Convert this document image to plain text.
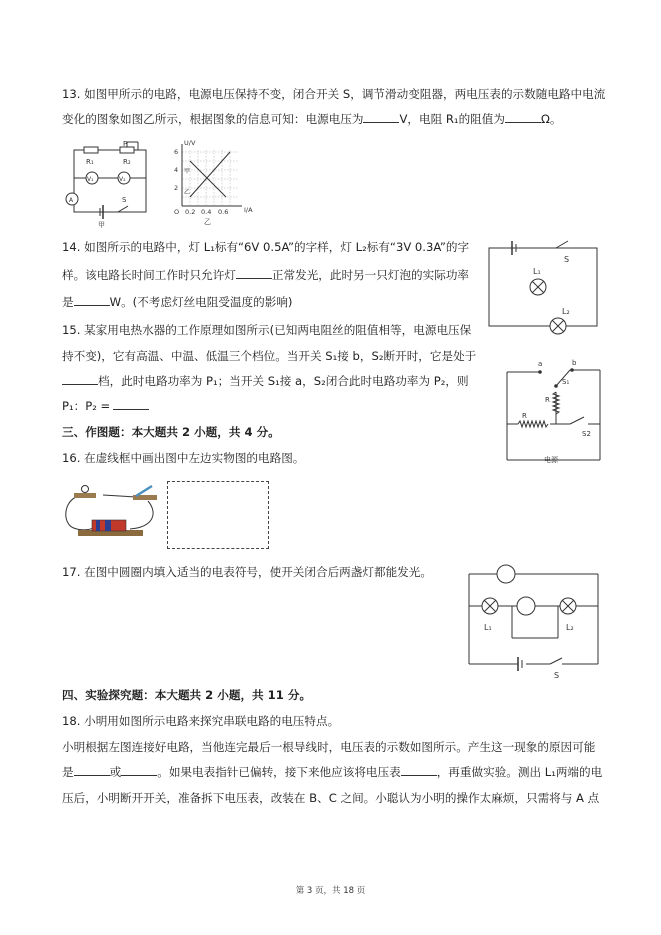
13. 如图甲所示的电路，电源电压保持不变，闭合开关 S，调节滑动变阻器，两电压表的示数随电路中电流
变化的图象如图乙所示，根据图象的信息可知：电源电压为	V，电阻 R₁的阻值为	Ω。
R₁
P
R₂
V₁	V₂
A	S
甲
U/V
I/A
6
4
2
O 0.2 0.4 0.6
甲
乙
乙
14. 如图所示的电路中，灯 L₁标有“6V 0.5A”的字样，灯 L₂标有“3V 0.3A”的字
样。该电路长时间工作时只允许灯	正常发光，此时另一只灯泡的实际功率
是	W。(不考虑灯丝电阻受温度的影响)
S
L₁
L₂
15. 某家用电热水器的工作原理如图所示(已知两电阻丝的阻值相等，电源电压保
持不变)，它有高温、中温、低温三个档位。当开关 S₁接 b，S₂断开时，它是处于
档，此时电路功率为 P₁；当开关 S₁接 a，S₂闭合此时电路功率为 P₂，则
P₁：P₂ =
a	b
S₁
R
R
S2
电源
三、作图题：本大题共 2 小题，共 4 分。
16. 在虚线框中画出图中左边实物图的电路图。
17. 在图中圆圈内填入适当的电表符号，使开关闭合后两盏灯都能发光。
L₁	L₂
S
四、实验探究题：本大题共 2 小题，共 11 分。
18. 小明用如图所示电路来探究串联电路的电压特点。
小明根据左图连接好电路，当他连完最后一根导线时，电压表的示数如图所示。产生这一现象的原因可能
是	或	。如果电表指针已偏转，接下来他应该将电压表	，再重做实验。测出 L₁两端的电
压后，小明断开开关，准备拆下电压表，改装在 B、C 之间。小聪认为小明的操作太麻烦，只需将与 A 点
第 3 页，共 18 页
